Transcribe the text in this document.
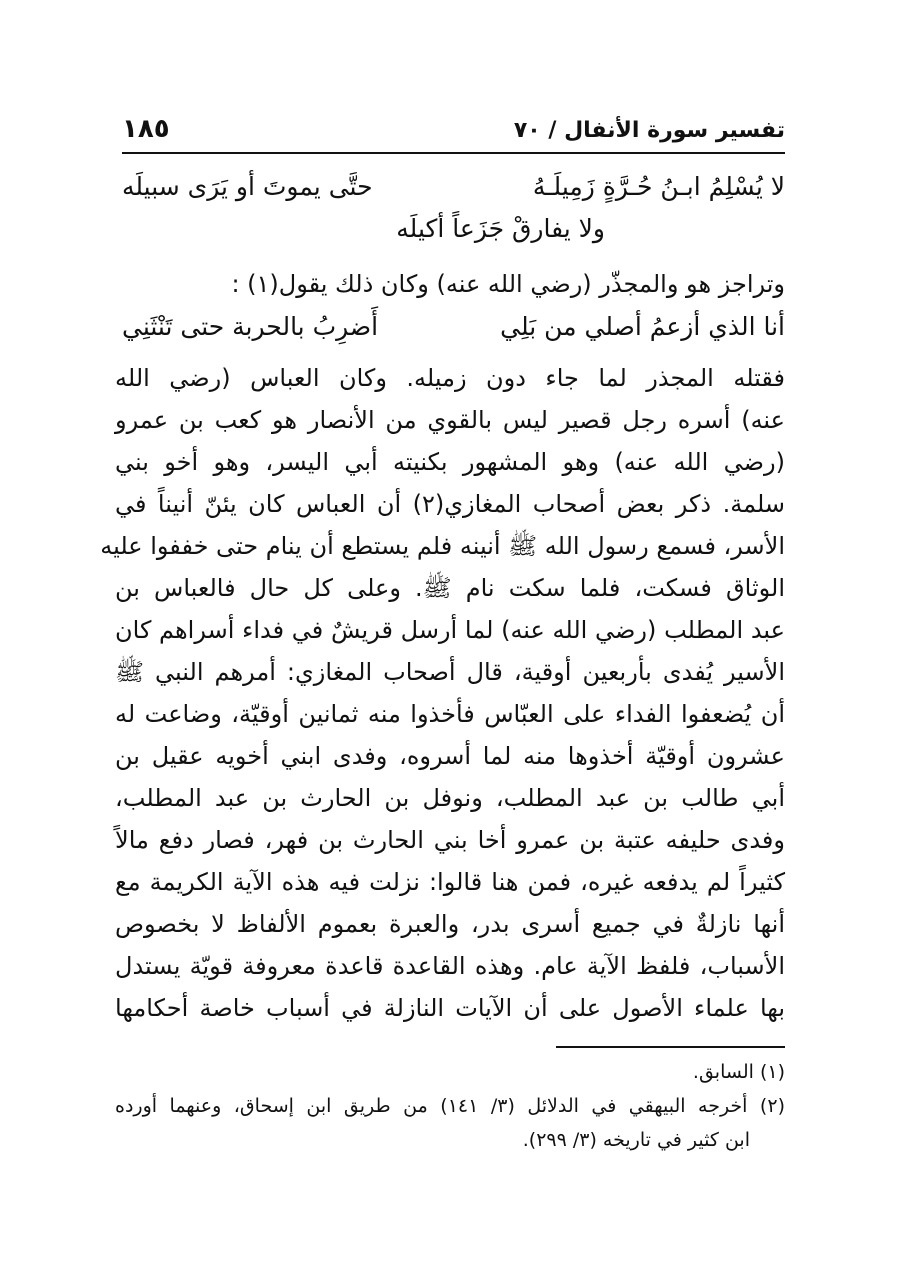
تفسير سورة الأنفال / ٧٠
١٨٥
لا يُسْلِمُ ابـنُ حُـرَّةٍ زَمِيلَـهُ
حتَّى يموتَ أو يَرَى سبيلَه
ولا يفارقْ جَزَعاً أكيلَه
وتراجز هو والمجذّر (رضي الله عنه) وكان ذلك يقول(١) :
أنا الذي أزعمُ أصلي من بَلِي
أَضرِبُ بالحربة حتى تَنْثَنِي
فقتله المجذر لما جاء دون زميله. وكان العباس (رضي الله
عنه) أسره رجل قصير ليس بالقوي من الأنصار هو كعب بن عمرو
(رضي الله عنه) وهو المشهور بكنيته أبي اليسر، وهو أخو بني
سلمة. ذكر بعض أصحاب المغازي(٢) أن العباس كان يئنّ أنيناً في
الأسر، فسمع رسول الله ﷺ أنينه فلم يستطع أن ينام حتى خففوا عليه
الوثاق فسكت، فلما سكت نام ﷺ. وعلى كل حال فالعباس بن
عبد المطلب (رضي الله عنه) لما أرسل قريشٌ في فداء أسراهم كان
الأسير يُفدى بأربعين أوقية، قال أصحاب المغازي: أمرهم النبي ﷺ
أن يُضعفوا الفداء على العبّاس فأخذوا منه ثمانين أوقيّة، وضاعت له
عشرون أوقيّة أخذوها منه لما أسروه، وفدى ابني أخويه عقيل بن
أبي طالب بن عبد المطلب، ونوفل بن الحارث بن عبد المطلب،
وفدى حليفه عتبة بن عمرو أخا بني الحارث بن فهر، فصار دفع مالاً
كثيراً لم يدفعه غيره، فمن هنا قالوا: نزلت فيه هذه الآية الكريمة مع
أنها نازلةٌ في جميع أسرى بدر، والعبرة بعموم الألفاظ لا بخصوص
الأسباب، فلفظ الآية عام. وهذه القاعدة قاعدة معروفة قويّة يستدل
بها علماء الأصول على أن الآيات النازلة في أسباب خاصة أحكامها
(١) السابق.
(٢) أخرجه البيهقي في الدلائل (٣/ ١٤١) من طريق ابن إسحاق، وعنهما أورده
ابن كثير في تاريخه (٣/ ٢٩٩).
